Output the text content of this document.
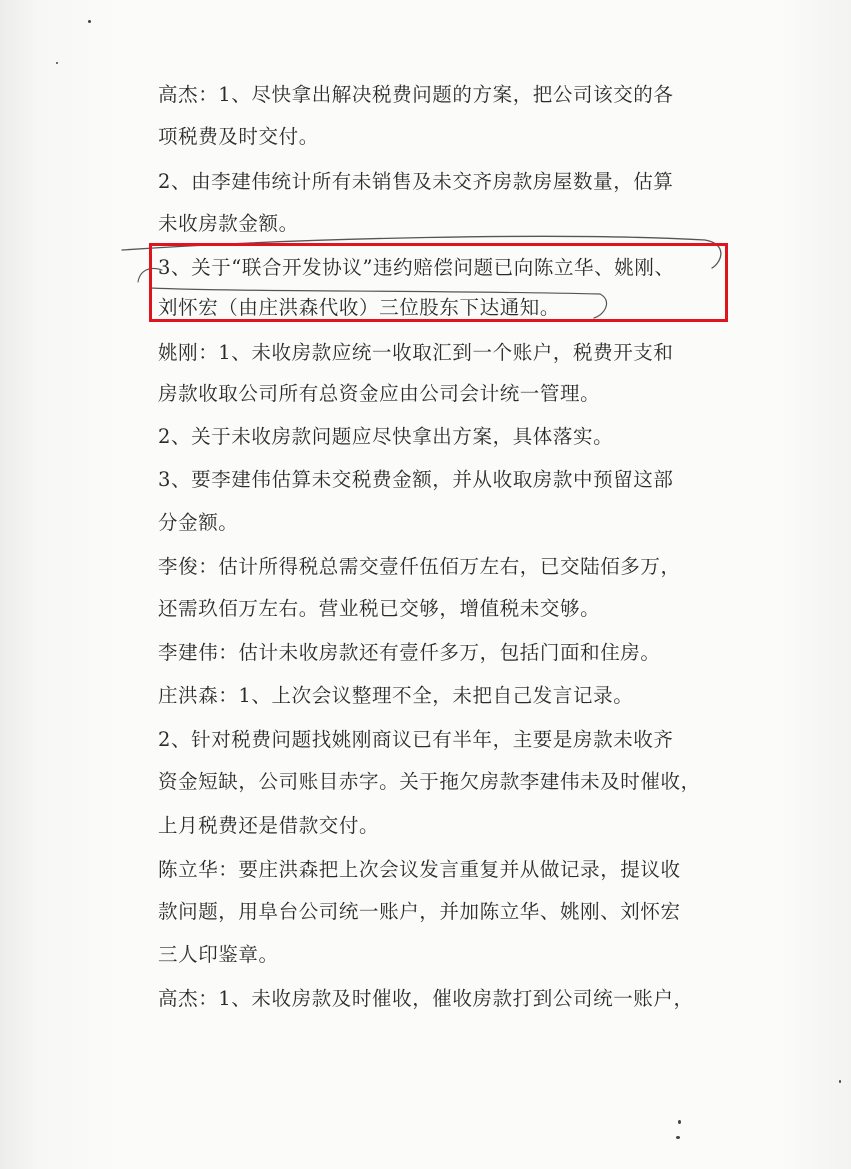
高杰：1、尽快拿出解决税费问题的方案，把公司该交的各
项税费及时交付。
2、由李建伟统计所有未销售及未交齐房款房屋数量，估算
未收房款金额。
3、关于“联合开发协议”违约赔偿问题已向陈立华、姚刚、
刘怀宏（由庄洪森代收）三位股东下达通知。
姚刚：1、未收房款应统一收取汇到一个账户，税费开支和
房款收取公司所有总资金应由公司会计统一管理。
2、关于未收房款问题应尽快拿出方案，具体落实。
3、要李建伟估算未交税费金额，并从收取房款中预留这部
分金额。
李俊：估计所得税总需交壹仟伍佰万左右，已交陆佰多万，
还需玖佰万左右。营业税已交够，增值税未交够。
李建伟：估计未收房款还有壹仟多万，包括门面和住房。
庄洪森：1、上次会议整理不全，未把自己发言记录。
2、针对税费问题找姚刚商议已有半年，主要是房款未收齐
资金短缺，公司账目赤字。关于拖欠房款李建伟未及时催收，
上月税费还是借款交付。
陈立华：要庄洪森把上次会议发言重复并从做记录，提议收
款问题，用阜台公司统一账户，并加陈立华、姚刚、刘怀宏
三人印鉴章。
高杰：1、未收房款及时催收，催收房款打到公司统一账户，
